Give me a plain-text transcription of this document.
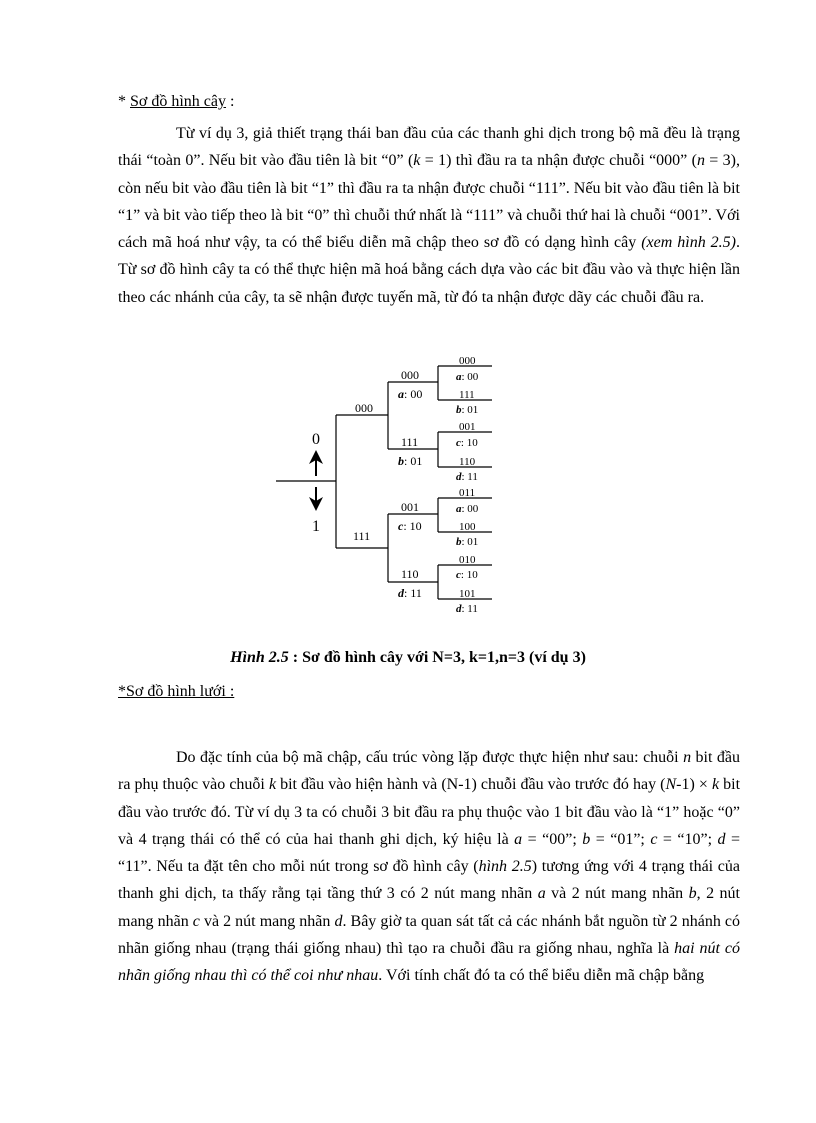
* Sơ đồ hình cây :

Từ ví dụ 3, giả thiết trạng thái ban đầu của các thanh ghi dịch trong bộ mã đều là trạng thái “toàn 0”. Nếu bit vào đầu tiên là bit “0” (k = 1) thì đầu ra ta nhận được chuỗi “000” (n = 3), còn nếu bit vào đầu tiên là bit “1” thì đầu ra ta nhận được chuỗi “111”. Nếu bit vào đầu tiên là bit “1” và bit vào tiếp theo là bit “0” thì chuỗi thứ nhất là “111” và chuỗi thứ hai là chuỗi “001”. Với cách mã hoá như vậy, ta có thể biểu diễn mã chập theo sơ đồ có dạng hình cây (xem hình 2.5). Từ sơ đồ hình cây ta có thể thực hiện mã hoá bằng cách dựa vào các bit đầu vào và thực hiện lần theo các nhánh của cây, ta sẽ nhận được tuyến mã, từ đó ta nhận được dãy các chuỗi đầu ra.

0
1
000
111
000
a: 00
111
b: 01
001
c: 10
110
d: 11
000
a: 00
111
b: 01
001
c: 10
110
d: 11
011
a: 00
100
b: 01
010
c: 10
101
d: 11
Hình 2.5 : Sơ đồ hình cây với N=3, k=1,n=3 (ví dụ 3)
*Sơ đồ hình lưới :

Do đặc tính của bộ mã chập, cấu trúc vòng lặp được thực hiện như sau: chuỗi n bit đầu ra phụ thuộc vào chuỗi k bit đầu vào hiện hành và (N-1) chuỗi đầu vào trước đó hay (N-1) × k bit đầu vào trước đó. Từ ví dụ 3 ta có chuỗi 3 bit đầu ra phụ thuộc vào 1 bit đầu vào là “1” hoặc “0” và 4 trạng thái có thể có của hai thanh ghi dịch, ký hiệu là a = “00”; b = “01”; c = “10”; d = “11”. Nếu ta đặt tên cho mỗi nút trong sơ đồ hình cây (hình 2.5) tương ứng với 4 trạng thái của thanh ghi dịch, ta thấy rằng tại tầng thứ 3 có 2 nút mang nhãn a và 2 nút mang nhãn b, 2 nút mang nhãn c và 2 nút mang nhãn d. Bây giờ ta quan sát tất cả các nhánh bắt nguồn từ 2 nhánh có nhãn giống nhau (trạng thái giống nhau) thì tạo ra chuỗi đầu ra giống nhau, nghĩa là hai nút có nhãn giống nhau thì có thể coi như nhau. Với tính chất đó ta có thể biểu diễn mã chập bằng
